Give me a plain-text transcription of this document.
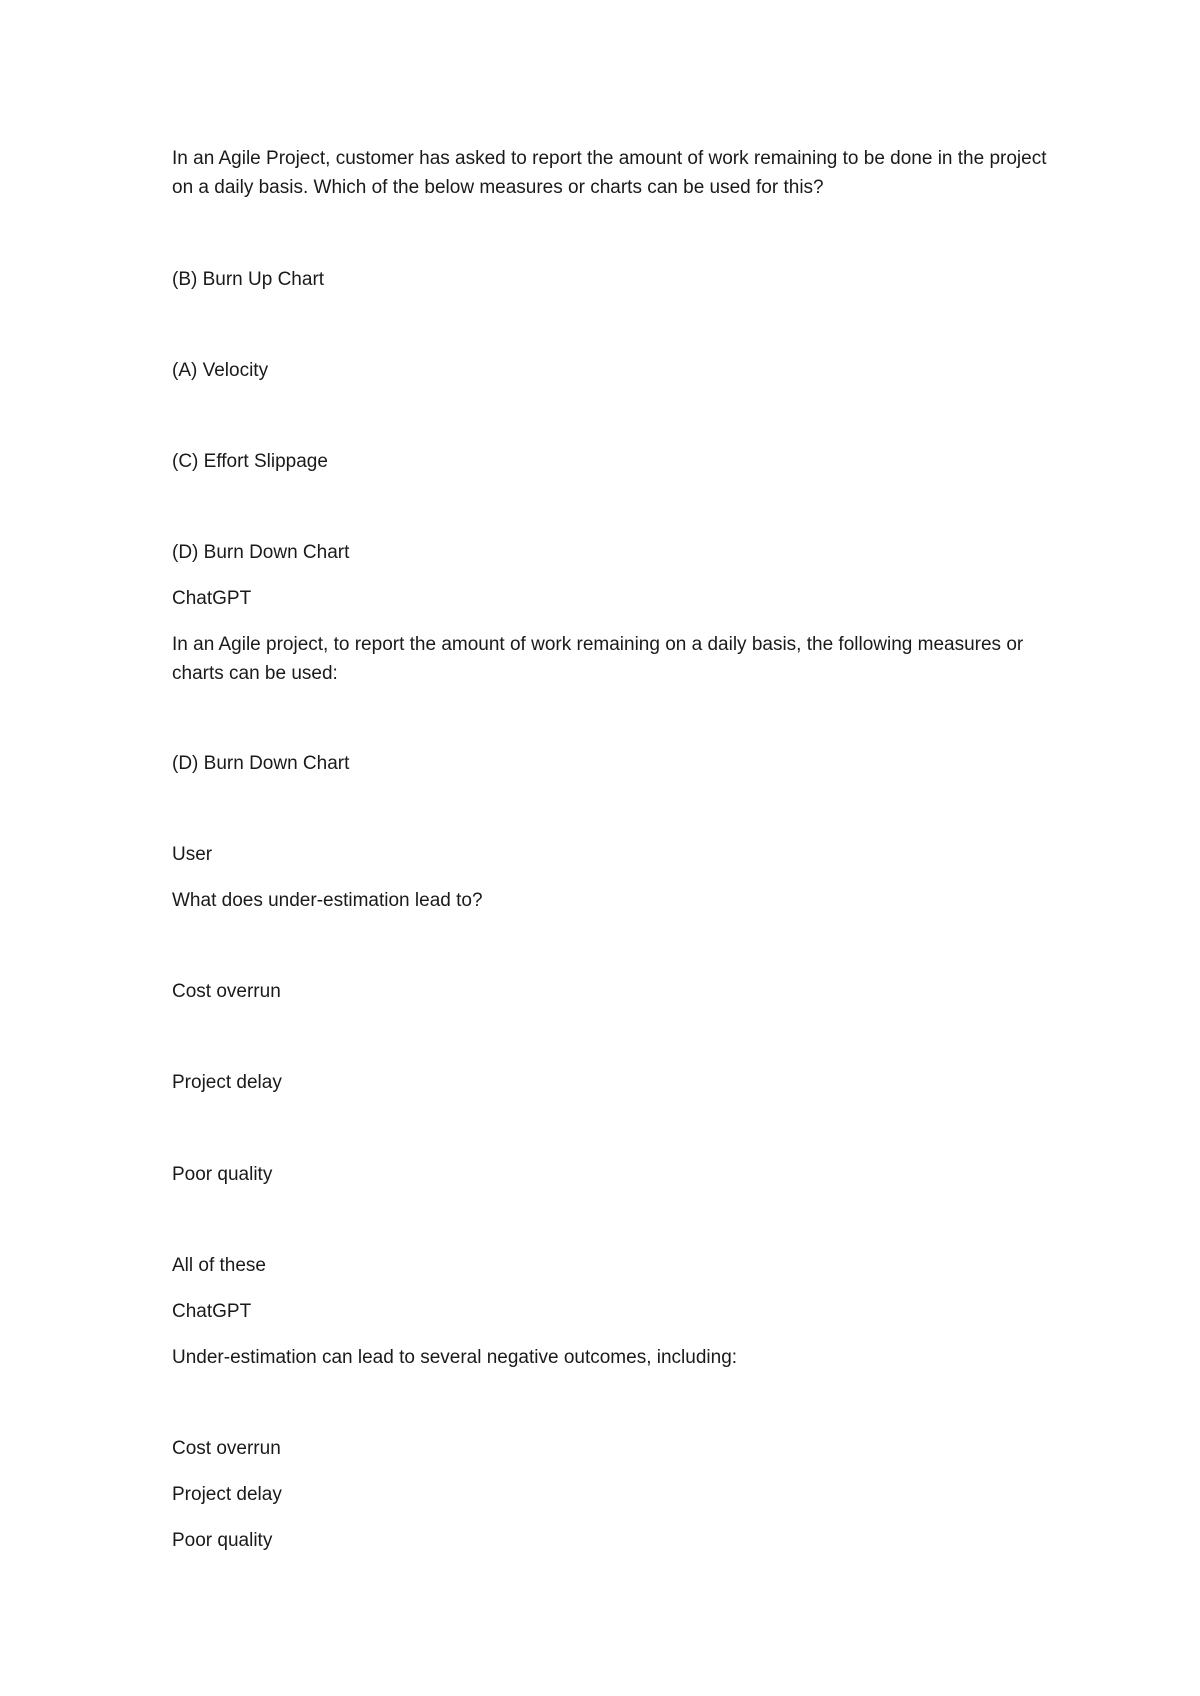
In an Agile Project, customer has asked to report the amount of work remaining to be done in the project on a daily basis. Which of the below measures or charts can be used for this?

(B) Burn Up Chart

(A) Velocity

(C) Effort Slippage

(D) Burn Down Chart

ChatGPT

In an Agile project, to report the amount of work remaining on a daily basis, the following measures or charts can be used:

(D) Burn Down Chart

User

What does under-estimation lead to?

Cost overrun

Project delay

Poor quality

All of these

ChatGPT

Under-estimation can lead to several negative outcomes, including:

Cost overrun

Project delay

Poor quality
